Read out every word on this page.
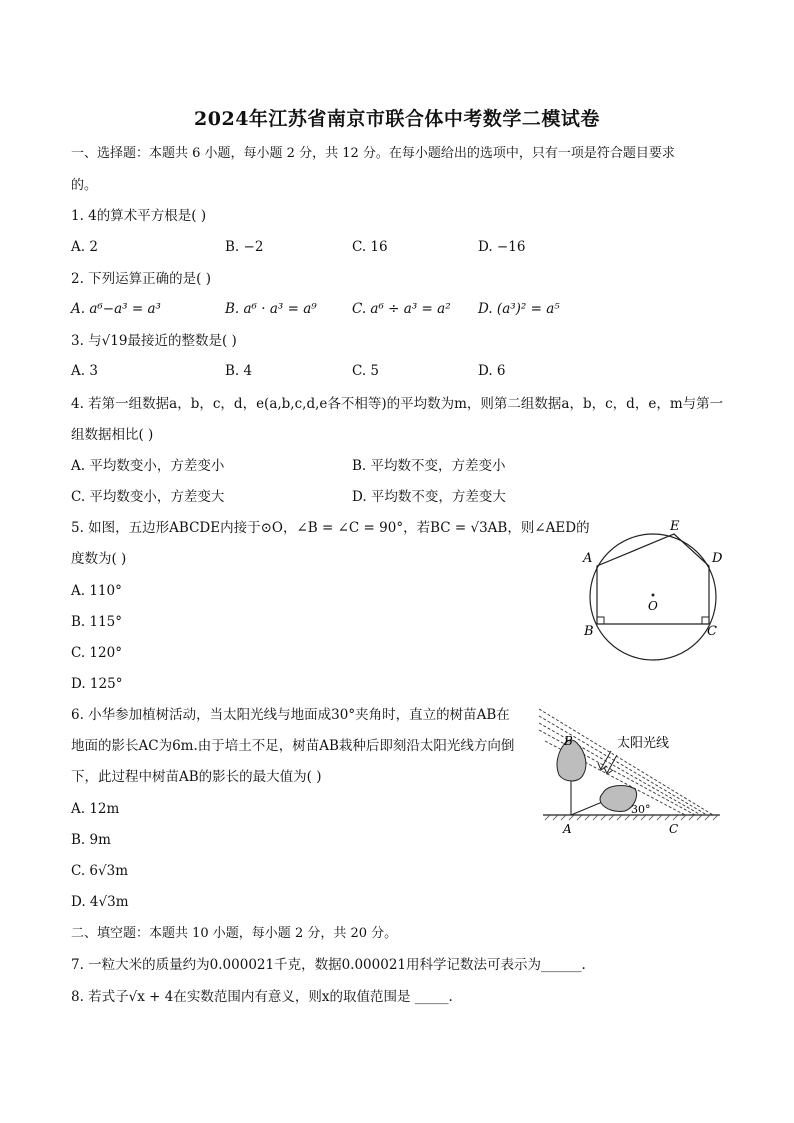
2024年江苏省南京市联合体中考数学二模试卷
一、选择题：本题共 6 小题，每小题 2 分，共 12 分。在每小题给出的选项中，只有一项是符合题目要求
的。
1. 4的算术平方根是( )
A. 2	B. −2	C. 16	D. −16
2. 下列运算正确的是( )
A. a⁶−a³ = a³	B. a⁶ · a³ = a⁹	C. a⁶ ÷ a³ = a² D. (a³)² = a⁵
3. 与√19最接近的整数是( )
A. 3	B. 4	C. 5	D. 6
4. 若第一组数据a，b，c，d，e(a,b,c,d,e各不相等)的平均数为m，则第二组数据a，b，c，d，e，m与第一
组数据相比( )
A. 平均数变小，方差变小	B. 平均数不变，方差变小
C. 平均数变小，方差变大	D. 平均数不变，方差变大
5. 如图，五边形ABCDE内接于⊙O，∠B = ∠C = 90°，若BC = √3AB，则∠AED的
度数为( )
A. 110°
B. 115°
C. 120°
D. 125°
A
B	C
D
E
O
6. 小华参加植树活动，当太阳光线与地面成30°夹角时，直立的树苗AB在
地面的影长AC为6m.由于培土不足，树苗AB栽种后即刻沿太阳光线方向倒
下，此过程中树苗AB的影长的最大值为( )
A. 12m
B. 9m
C. 6√3m
D. 4√3m
太阳光线
30°
B
A	C
二、填空题：本题共 10 小题，每小题 2 分，共 20 分。
7. 一粒大米的质量约为0.000021千克，数据0.000021用科学记数法可表示为______.
8. 若式子√x + 4在实数范围内有意义，则x的取值范围是 _____.
